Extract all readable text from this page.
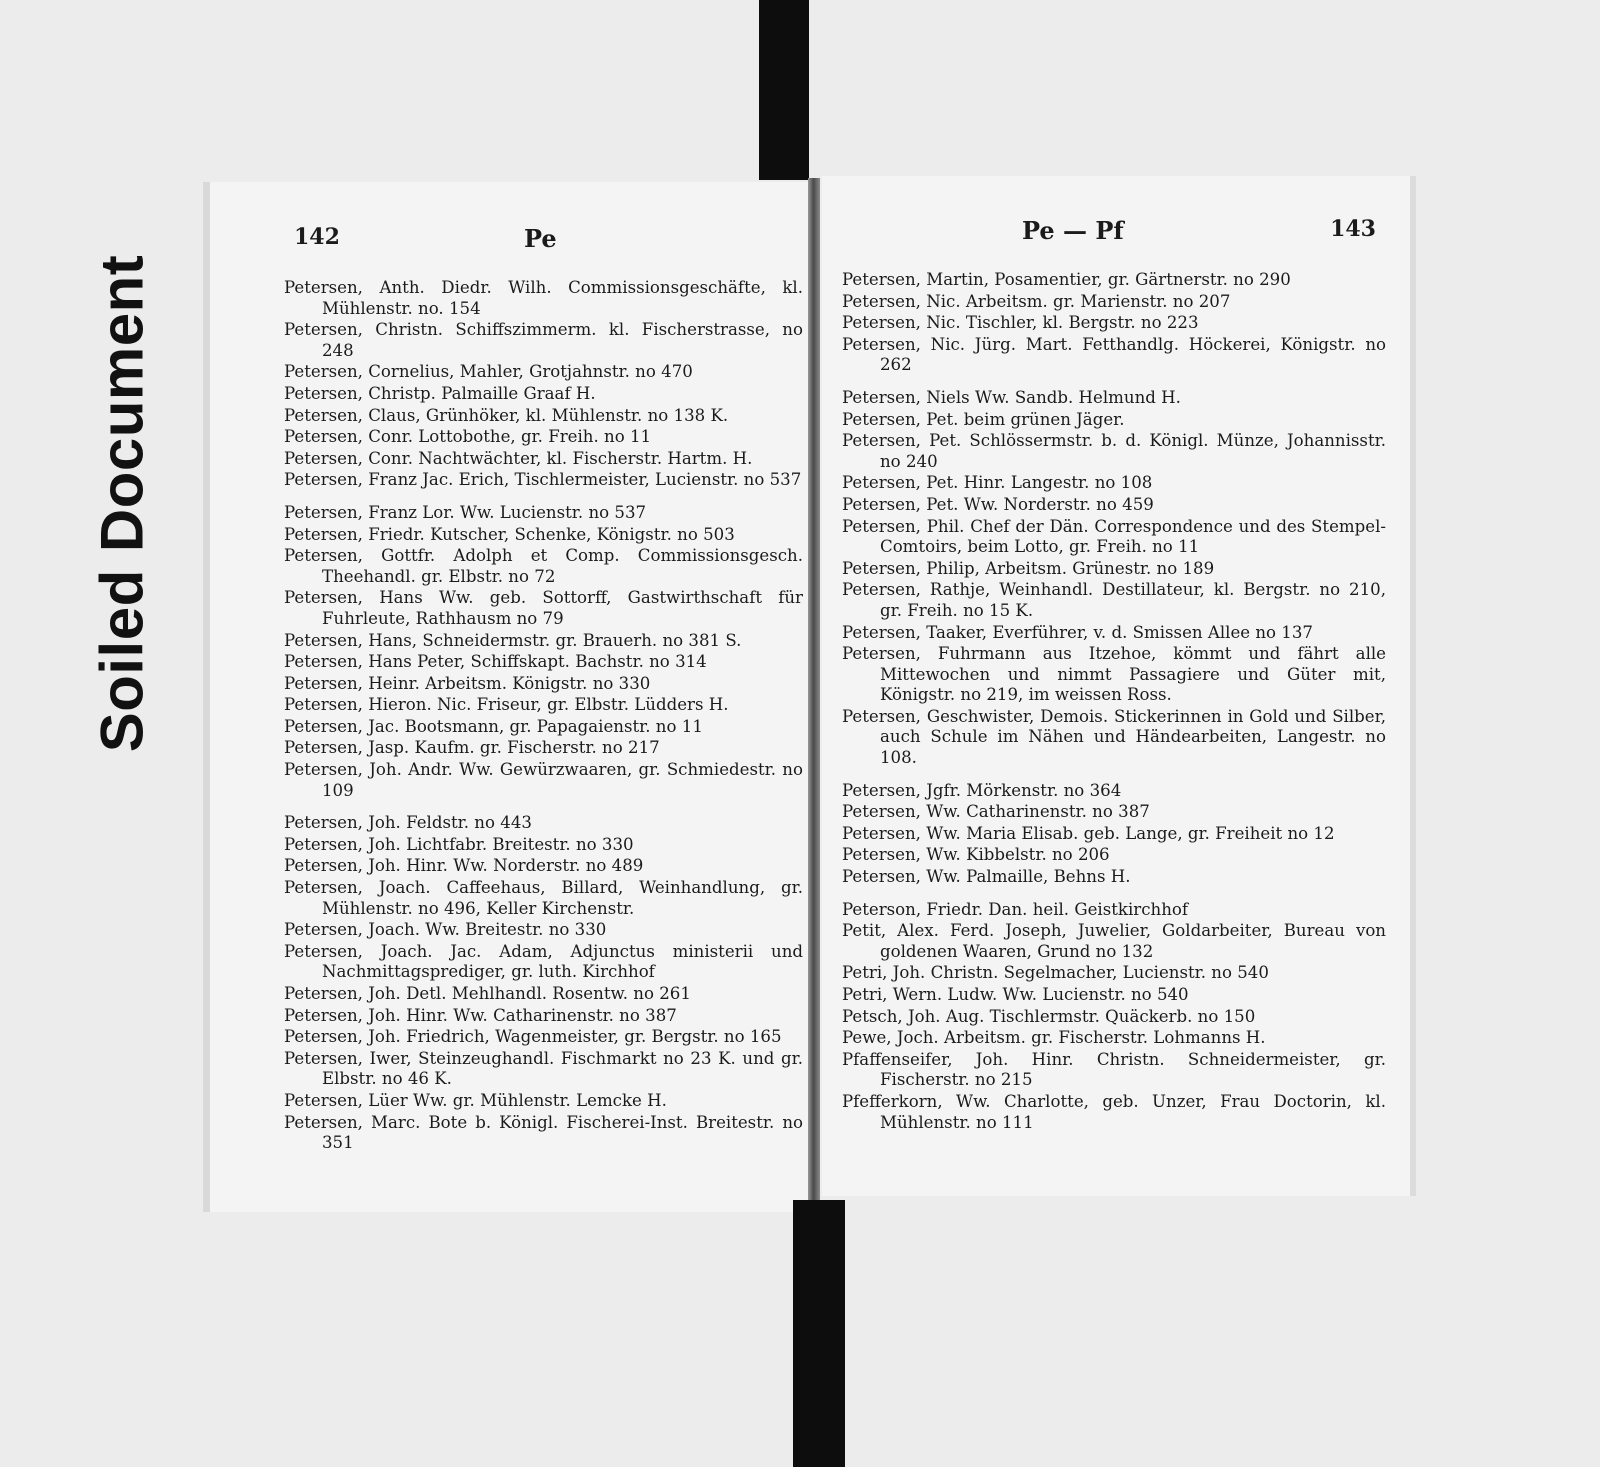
Soiled Document
142	Pe
Petersen, Anth. Diedr. Wilh. Commissionsgeschäfte, kl. Mühlenstr. no. 154
Petersen, Christn. Schiffszimmerm. kl. Fischerstrasse, no 248
Petersen, Cornelius, Mahler, Grotjahnstr. no 470
Petersen, Christp. Palmaille Graaf H.
Petersen, Claus, Grünhöker, kl. Mühlenstr. no 138 K.
Petersen, Conr. Lottobothe, gr. Freih. no 11
Petersen, Conr. Nachtwächter, kl. Fischerstr. Hartm. H.
Petersen, Franz Jac. Erich, Tischlermeister, Lucienstr. no 537
Petersen, Franz Lor. Ww. Lucienstr. no 537
Petersen, Friedr. Kutscher, Schenke, Königstr. no 503
Petersen, Gottfr. Adolph et Comp. Commissionsgesch. Theehandl. gr. Elbstr. no 72
Petersen, Hans Ww. geb. Sottorff, Gastwirthschaft für Fuhrleute, Rathhausm no 79
Petersen, Hans, Schneidermstr. gr. Brauerh. no 381 S.
Petersen, Hans Peter, Schiffskapt. Bachstr. no 314
Petersen, Heinr. Arbeitsm. Königstr. no 330
Petersen, Hieron. Nic. Friseur, gr. Elbstr. Lüdders H.
Petersen, Jac. Bootsmann, gr. Papagaienstr. no 11
Petersen, Jasp. Kaufm. gr. Fischerstr. no 217
Petersen, Joh. Andr. Ww. Gewürzwaaren, gr. Schmiedestr. no 109
Petersen, Joh. Feldstr. no 443
Petersen, Joh. Lichtfabr. Breitestr. no 330
Petersen, Joh. Hinr. Ww. Norderstr. no 489
Petersen, Joach. Caffeehaus, Billard, Weinhandlung, gr. Mühlenstr. no 496, Keller Kirchenstr.
Petersen, Joach. Ww. Breitestr. no 330
Petersen, Joach. Jac. Adam, Adjunctus ministerii und Nachmittagsprediger, gr. luth. Kirchhof
Petersen, Joh. Detl. Mehlhandl. Rosentw. no 261
Petersen, Joh. Hinr. Ww. Catharinenstr. no 387
Petersen, Joh. Friedrich, Wagenmeister, gr. Bergstr. no 165
Petersen, Iwer, Steinzeughandl. Fischmarkt no 23 K. und gr. Elbstr. no 46 K.
Petersen, Lüer Ww. gr. Mühlenstr. Lemcke H.
Petersen, Marc. Bote b. Königl. Fischerei-Inst. Breitestr. no 351
Pe — Pf	143
Petersen, Martin, Posamentier, gr. Gärtnerstr. no 290
Petersen, Nic. Arbeitsm. gr. Marienstr. no 207
Petersen, Nic. Tischler, kl. Bergstr. no 223
Petersen, Nic. Jürg. Mart. Fetthandlg. Höckerei, Königstr. no 262
Petersen, Niels Ww. Sandb. Helmund H.
Petersen, Pet. beim grünen Jäger.
Petersen, Pet. Schlössermstr. b. d. Königl. Münze, Johannisstr. no 240
Petersen, Pet. Hinr. Langestr. no 108
Petersen, Pet. Ww. Norderstr. no 459
Petersen, Phil. Chef der Dän. Correspondence und des Stempel-Comtoirs, beim Lotto, gr. Freih. no 11
Petersen, Philip, Arbeitsm. Grünestr. no 189
Petersen, Rathje, Weinhandl. Destillateur, kl. Bergstr. no 210, gr. Freih. no 15 K.
Petersen, Taaker, Everführer, v. d. Smissen Allee no 137
Petersen, Fuhrmann aus Itzehoe, kömmt und fährt alle Mittewochen und nimmt Passagiere und Güter mit, Königstr. no 219, im weissen Ross.
Petersen, Geschwister, Demois. Stickerinnen in Gold und Silber, auch Schule im Nähen und Händearbeiten, Langestr. no 108.
Petersen, Jgfr. Mörkenstr. no 364
Petersen, Ww. Catharinenstr. no 387
Petersen, Ww. Maria Elisab. geb. Lange, gr. Freiheit no 12
Petersen, Ww. Kibbelstr. no 206
Petersen, Ww. Palmaille, Behns H.
Peterson, Friedr. Dan. heil. Geistkirchhof
Petit, Alex. Ferd. Joseph, Juwelier, Goldarbeiter, Bureau von goldenen Waaren, Grund no 132
Petri, Joh. Christn. Segelmacher, Lucienstr. no 540
Petri, Wern. Ludw. Ww. Lucienstr. no 540
Petsch, Joh. Aug. Tischlermstr. Quäckerb. no 150
Pewe, Joch. Arbeitsm. gr. Fischerstr. Lohmanns H.
Pfaffenseifer, Joh. Hinr. Christn. Schneidermeister, gr. Fischerstr. no 215
Pfefferkorn, Ww. Charlotte, geb. Unzer, Frau Doctorin, kl. Mühlenstr. no 111
